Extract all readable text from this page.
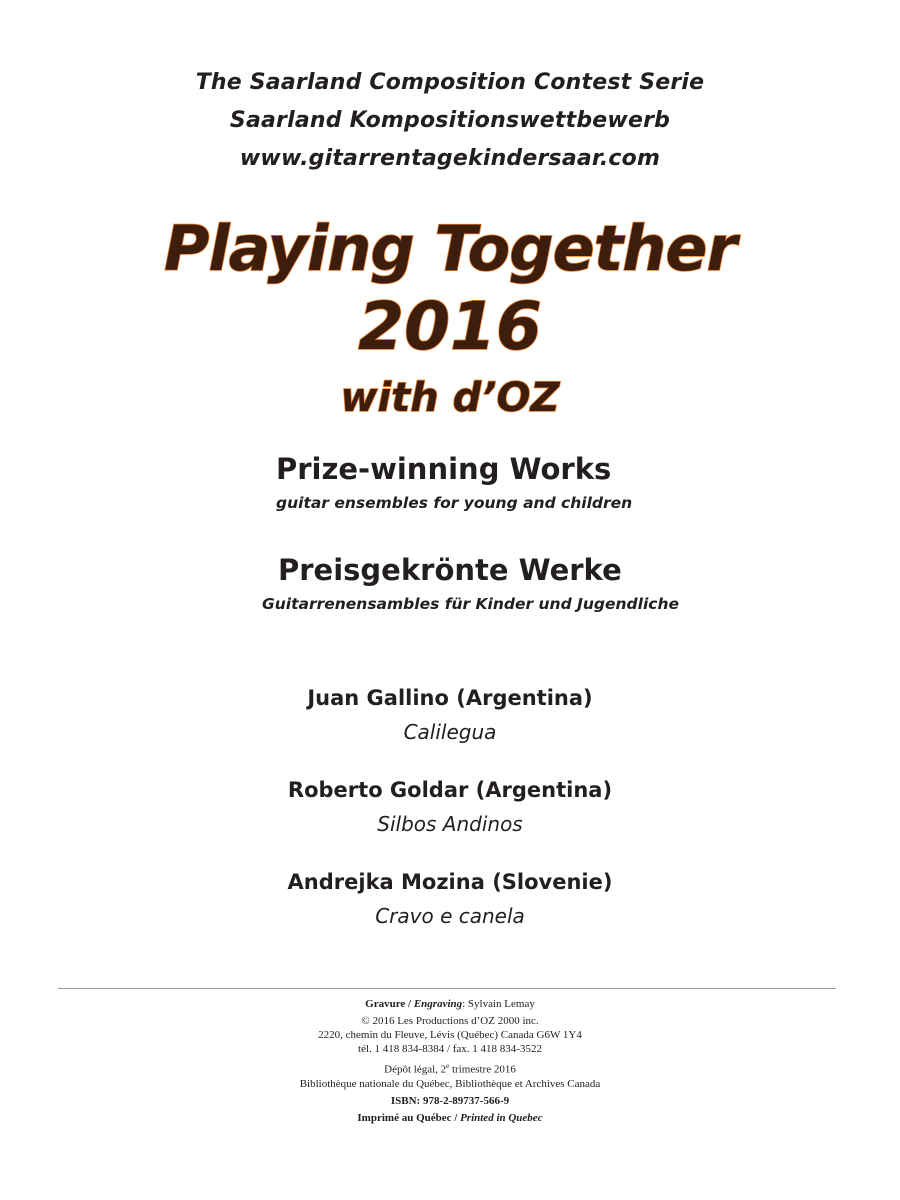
The Saarland Composition Contest Serie
Saarland Kompositionswettbewerb
www.gitarrentagekindersaar.com
Playing Together
2016
with d’OZ
Prize-winning Works
guitar ensembles for young and children
Preisgekrönte Werke
Guitarrenensambles für Kinder und Jugendliche
Juan Gallino (Argentina)
Calilegua
Roberto Goldar (Argentina)
Silbos Andinos
Andrejka Mozina (Slovenie)
Cravo e canela
Gravure / Engraving: Sylvain Lemay
© 2016 Les Productions d’OZ 2000 inc.
2220, chemin du Fleuve, Lévis (Québec) Canada G6W 1Y4
tél. 1 418 834-8384 / fax. 1 418 834-3522
Dépôt légal, 2e trimestre 2016
Bibliothèque nationale du Québec, Bibliothèque et Archives Canada
ISBN: 978-2-89737-566-9
Imprimé au Québec / Printed in Quebec
